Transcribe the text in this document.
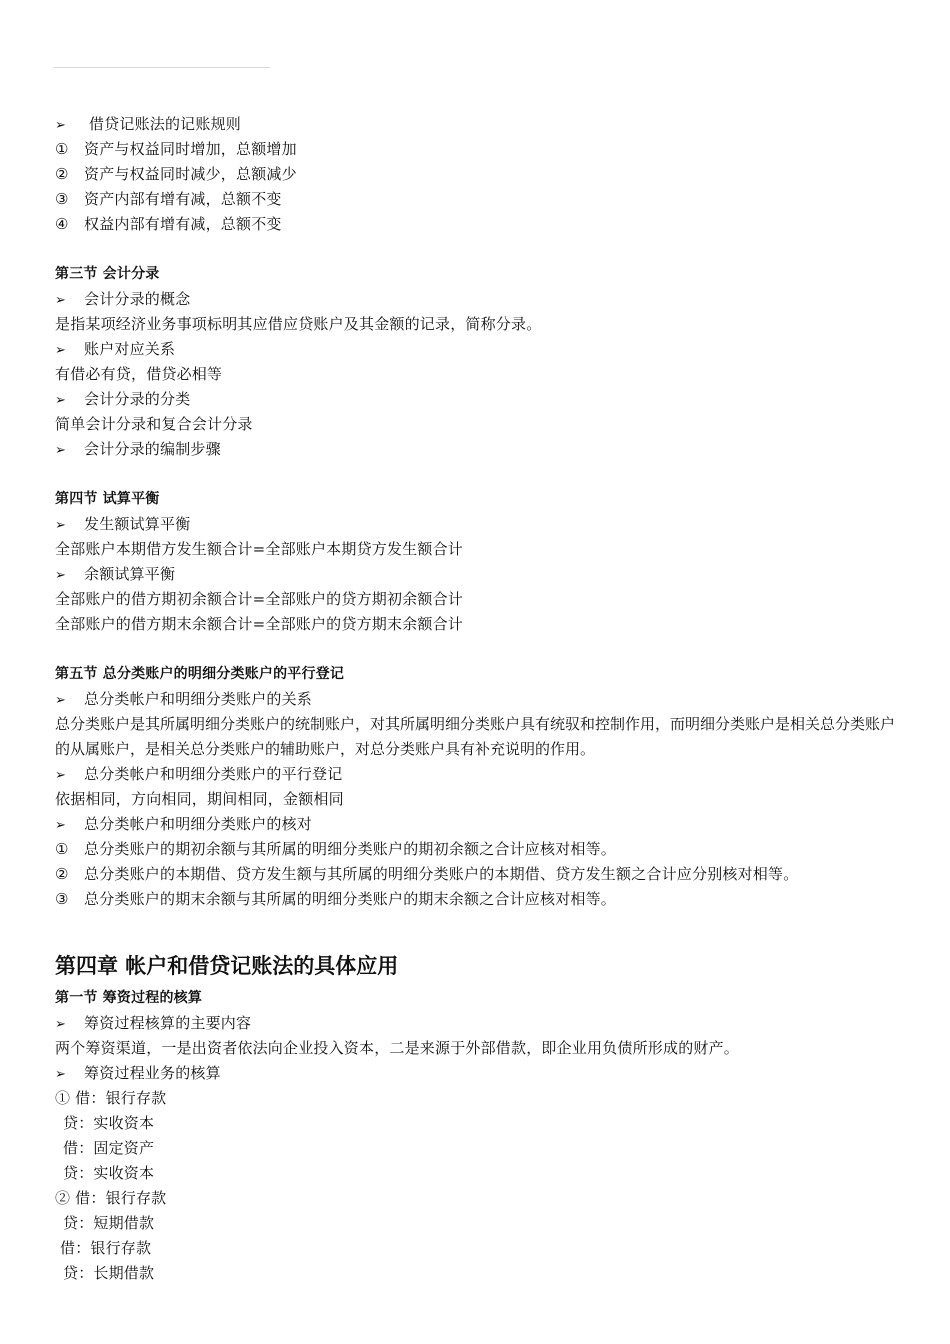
➢ 借贷记账法的记账规则
① 资产与权益同时增加，总额增加
② 资产与权益同时减少，总额减少
③ 资产内部有增有减，总额不变
④ 权益内部有增有减，总额不变
第三节 会计分录
➢ 会计分录的概念
是指某项经济业务事项标明其应借应贷账户及其金额的记录，简称分录。
➢ 账户对应关系
有借必有贷，借贷必相等
➢ 会计分录的分类
简单会计分录和复合会计分录
➢ 会计分录的编制步骤
第四节 试算平衡
➢ 发生额试算平衡
全部账户本期借方发生额合计=全部账户本期贷方发生额合计
➢ 余额试算平衡
全部账户的借方期初余额合计=全部账户的贷方期初余额合计
全部账户的借方期末余额合计=全部账户的贷方期末余额合计
第五节 总分类账户的明细分类账户的平行登记
➢ 总分类帐户和明细分类账户的关系
总分类账户是其所属明细分类账户的统制账户，对其所属明细分类账户具有统驭和控制作用，而明细分类账户是相关总分类账户的从属账户，是相关总分类账户的辅助账户，对总分类账户具有补充说明的作用。
➢ 总分类帐户和明细分类账户的平行登记
依据相同，方向相同，期间相同，金额相同
➢ 总分类帐户和明细分类账户的核对
① 总分类账户的期初余额与其所属的明细分类账户的期初余额之合计应核对相等。
② 总分类账户的本期借、贷方发生额与其所属的明细分类账户的本期借、贷方发生额之合计应分别核对相等。
③ 总分类账户的期末余额与其所属的明细分类账户的期末余额之合计应核对相等。
第四章 帐户和借贷记账法的具体应用
第一节 筹资过程的核算
➢ 筹资过程核算的主要内容
两个筹资渠道，一是出资者依法向企业投入资本，二是来源于外部借款，即企业用负债所形成的财产。
➢ 筹资过程业务的核算
① 借：银行存款
贷：实收资本
借：固定资产
贷：实收资本
② 借：银行存款
贷：短期借款
借：银行存款
贷：长期借款
